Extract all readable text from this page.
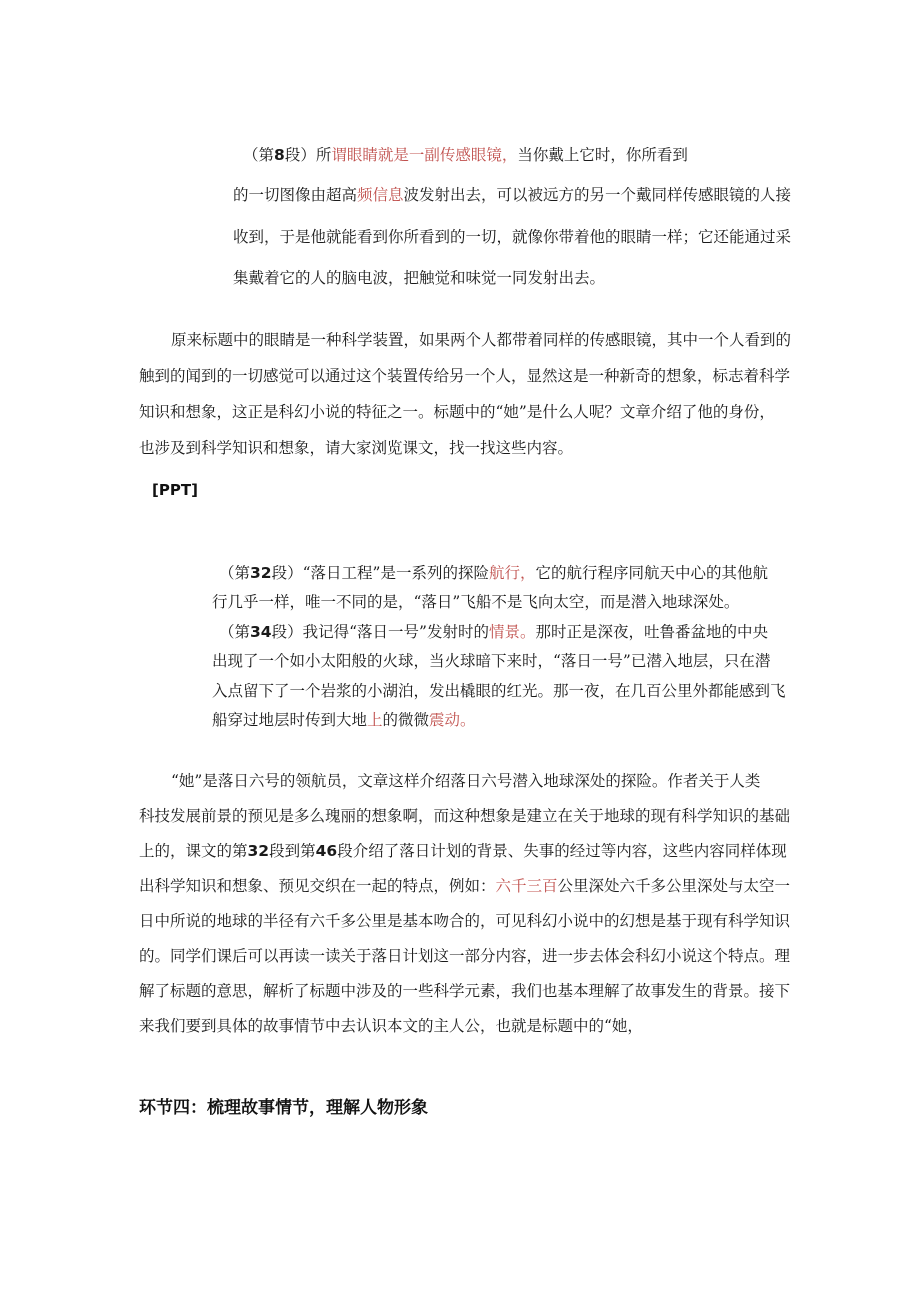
（第8段）所谓眼睛就是一副传感眼镜，当你戴上它时，你所看到
的一切图像由超高频信息波发射出去，可以被远方的另一个戴同样传感眼镜的人接
收到，于是他就能看到你所看到的一切，就像你带着他的眼睛一样；它还能通过采
集戴着它的人的脑电波，把触觉和味觉一同发射出去。
原来标题中的眼睛是一种科学装置，如果两个人都带着同样的传感眼镜，其中一个人看到的
触到的闻到的一切感觉可以通过这个装置传给另一个人，显然这是一种新奇的想象，标志着科学
知识和想象，这正是科幻小说的特征之一。标题中的“她”是什么人呢？文章介绍了他的身份，
也涉及到科学知识和想象，请大家浏览课文，找一找这些内容。
[PPT]
（第32段）“落日工程”是一系列的探险航行，它的航行程序同航天中心的其他航
行几乎一样，唯一不同的是，“落日”飞船不是飞向太空，而是潜入地球深处。
（第34段）我记得“落日一号”发射时的情景。那时正是深夜，吐鲁番盆地的中央
出现了一个如小太阳般的火球，当火球暗下来时，“落日一号”已潜入地层，只在潜
入点留下了一个岩浆的小湖泊，发出橇眼的红光。那一夜，在几百公里外都能感到飞
船穿过地层时传到大地上的微微震动。
“她”是落日六号的领航员，文章这样介绍落日六号潜入地球深处的探险。作者关于人类
科技发展前景的预见是多么瑰丽的想象啊，而这种想象是建立在关于地球的现有科学知识的基础
上的，课文的第32段到第46段介绍了落日计划的背景、失事的经过等内容，这些内容同样体现
出科学知识和想象、预见交织在一起的特点，例如：六千三百公里深处六千多公里深处与太空一
日中所说的地球的半径有六千多公里是基本吻合的，可见科幻小说中的幻想是基于现有科学知识
的。同学们课后可以再读一读关于落日计划这一部分内容，进一步去体会科幻小说这个特点。理
解了标题的意思，解析了标题中涉及的一些科学元素，我们也基本理解了故事发生的背景。接下
来我们要到具体的故事情节中去认识本文的主人公，也就是标题中的“她，
环节四：梳理故事情节，理解人物形象
